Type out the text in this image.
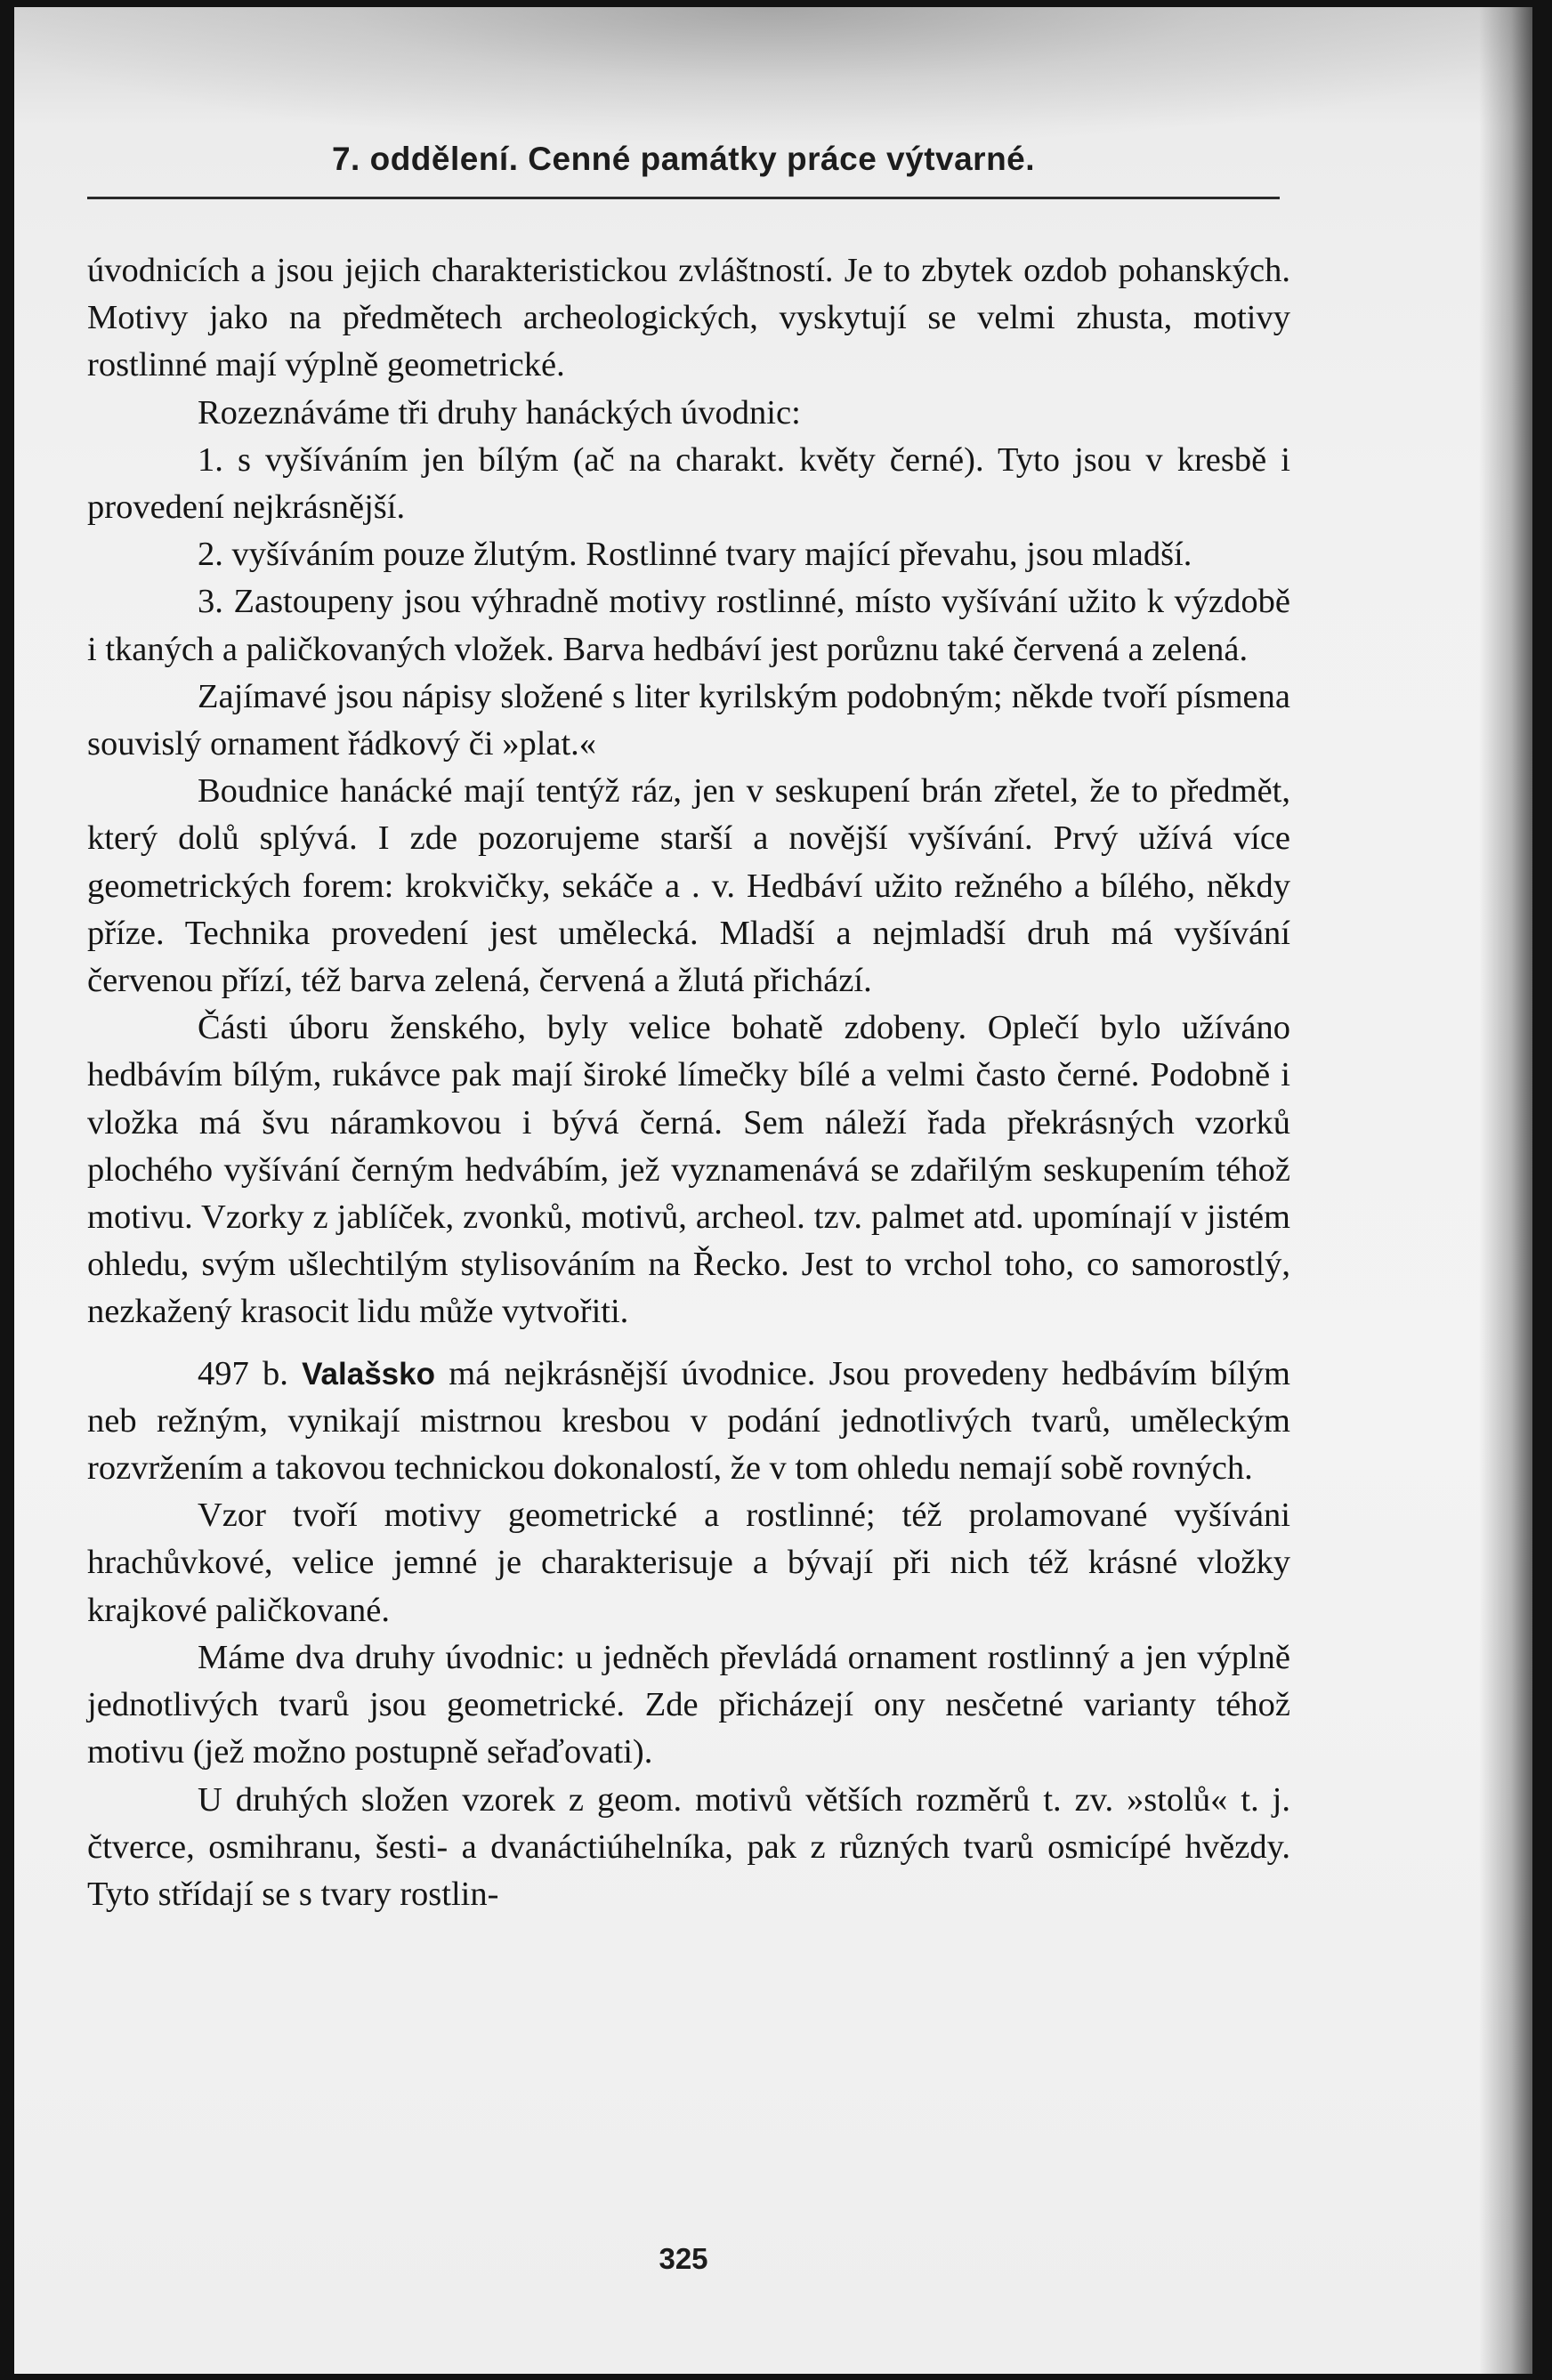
7. oddělení. Cenné památky práce výtvarné.

úvodnicích a jsou jejich charakteristickou zvláštností. Je to zbytek ozdob pohanských. Motivy jako na předmětech archeologických, vyskytují se velmi zhusta, motivy rostlinné mají výplně geometrické.

Rozeznáváme tři druhy hanáckých úvodnic:

1. s vyšíváním jen bílým (ač na charakt. květy černé). Tyto jsou v kresbě i provedení nejkrásnější.

2. vyšíváním pouze žlutým. Rostlinné tvary mající převahu, jsou mladší.

3. Zastoupeny jsou výhradně motivy rostlinné, místo vyšívání užito k výzdobě i tkaných a paličkovaných vložek. Barva hedbáví jest porůznu také červená a zelená.

Zajímavé jsou nápisy složené s liter kyrilským podobným; někde tvoří písmena souvislý ornament řádkový či »plat.«

Boudnice hanácké mají tentýž ráz, jen v seskupení brán zřetel, že to předmět, který dolů splývá. I zde pozorujeme starší a novější vyšívání. Prvý užívá více geometrických forem: krokvičky, sekáče a . v. Hedbáví užito režného a bílého, někdy příze. Technika provedení jest umělecká. Mladší a nejmladší druh má vyšívání červenou přízí, též barva zelená, červená a žlutá přichází.

Části úboru ženského, byly velice bohatě zdobeny. Oplečí bylo užíváno hedbávím bílým, rukávce pak mají široké límečky bílé a velmi často černé. Podobně i vložka má švu náramkovou i bývá černá. Sem náleží řada překrásných vzorků plochého vyšívání černým hedvábím, jež vyznamenává se zdařilým seskupením téhož motivu. Vzorky z jablíček, zvonků, motivů, archeol. tzv. palmet atd. upomínají v jistém ohledu, svým ušlechtilým stylisováním na Řecko. Jest to vrchol toho, co samorostlý, nezkažený krasocit lidu může vytvořiti.

497 b. Valašsko má nejkrásnější úvodnice. Jsou provedeny hedbávím bílým neb režným, vynikají mistrnou kresbou v podání jednotlivých tvarů, uměleckým rozvržením a takovou technickou dokonalostí, že v tom ohledu nemají sobě rovných.

Vzor tvoří motivy geometrické a rostlinné; též prolamované vyšíváni hrachůvkové, velice jemné je charakterisuje a bývají při nich též krásné vložky krajkové paličkované.

Máme dva druhy úvodnic: u jedněch převládá ornament rostlinný a jen výplně jednotlivých tvarů jsou geometrické. Zde přicházejí ony nesčetné varianty téhož motivu (jež možno postupně seřaďovati).

U druhých složen vzorek z geom. motivů větších rozměrů t. zv. »stolů« t. j. čtverce, osmihranu, šesti- a dvanáctiúhelníka, pak z různých tvarů osmicípé hvězdy. Tyto střídají se s tvary rostlin-

325
